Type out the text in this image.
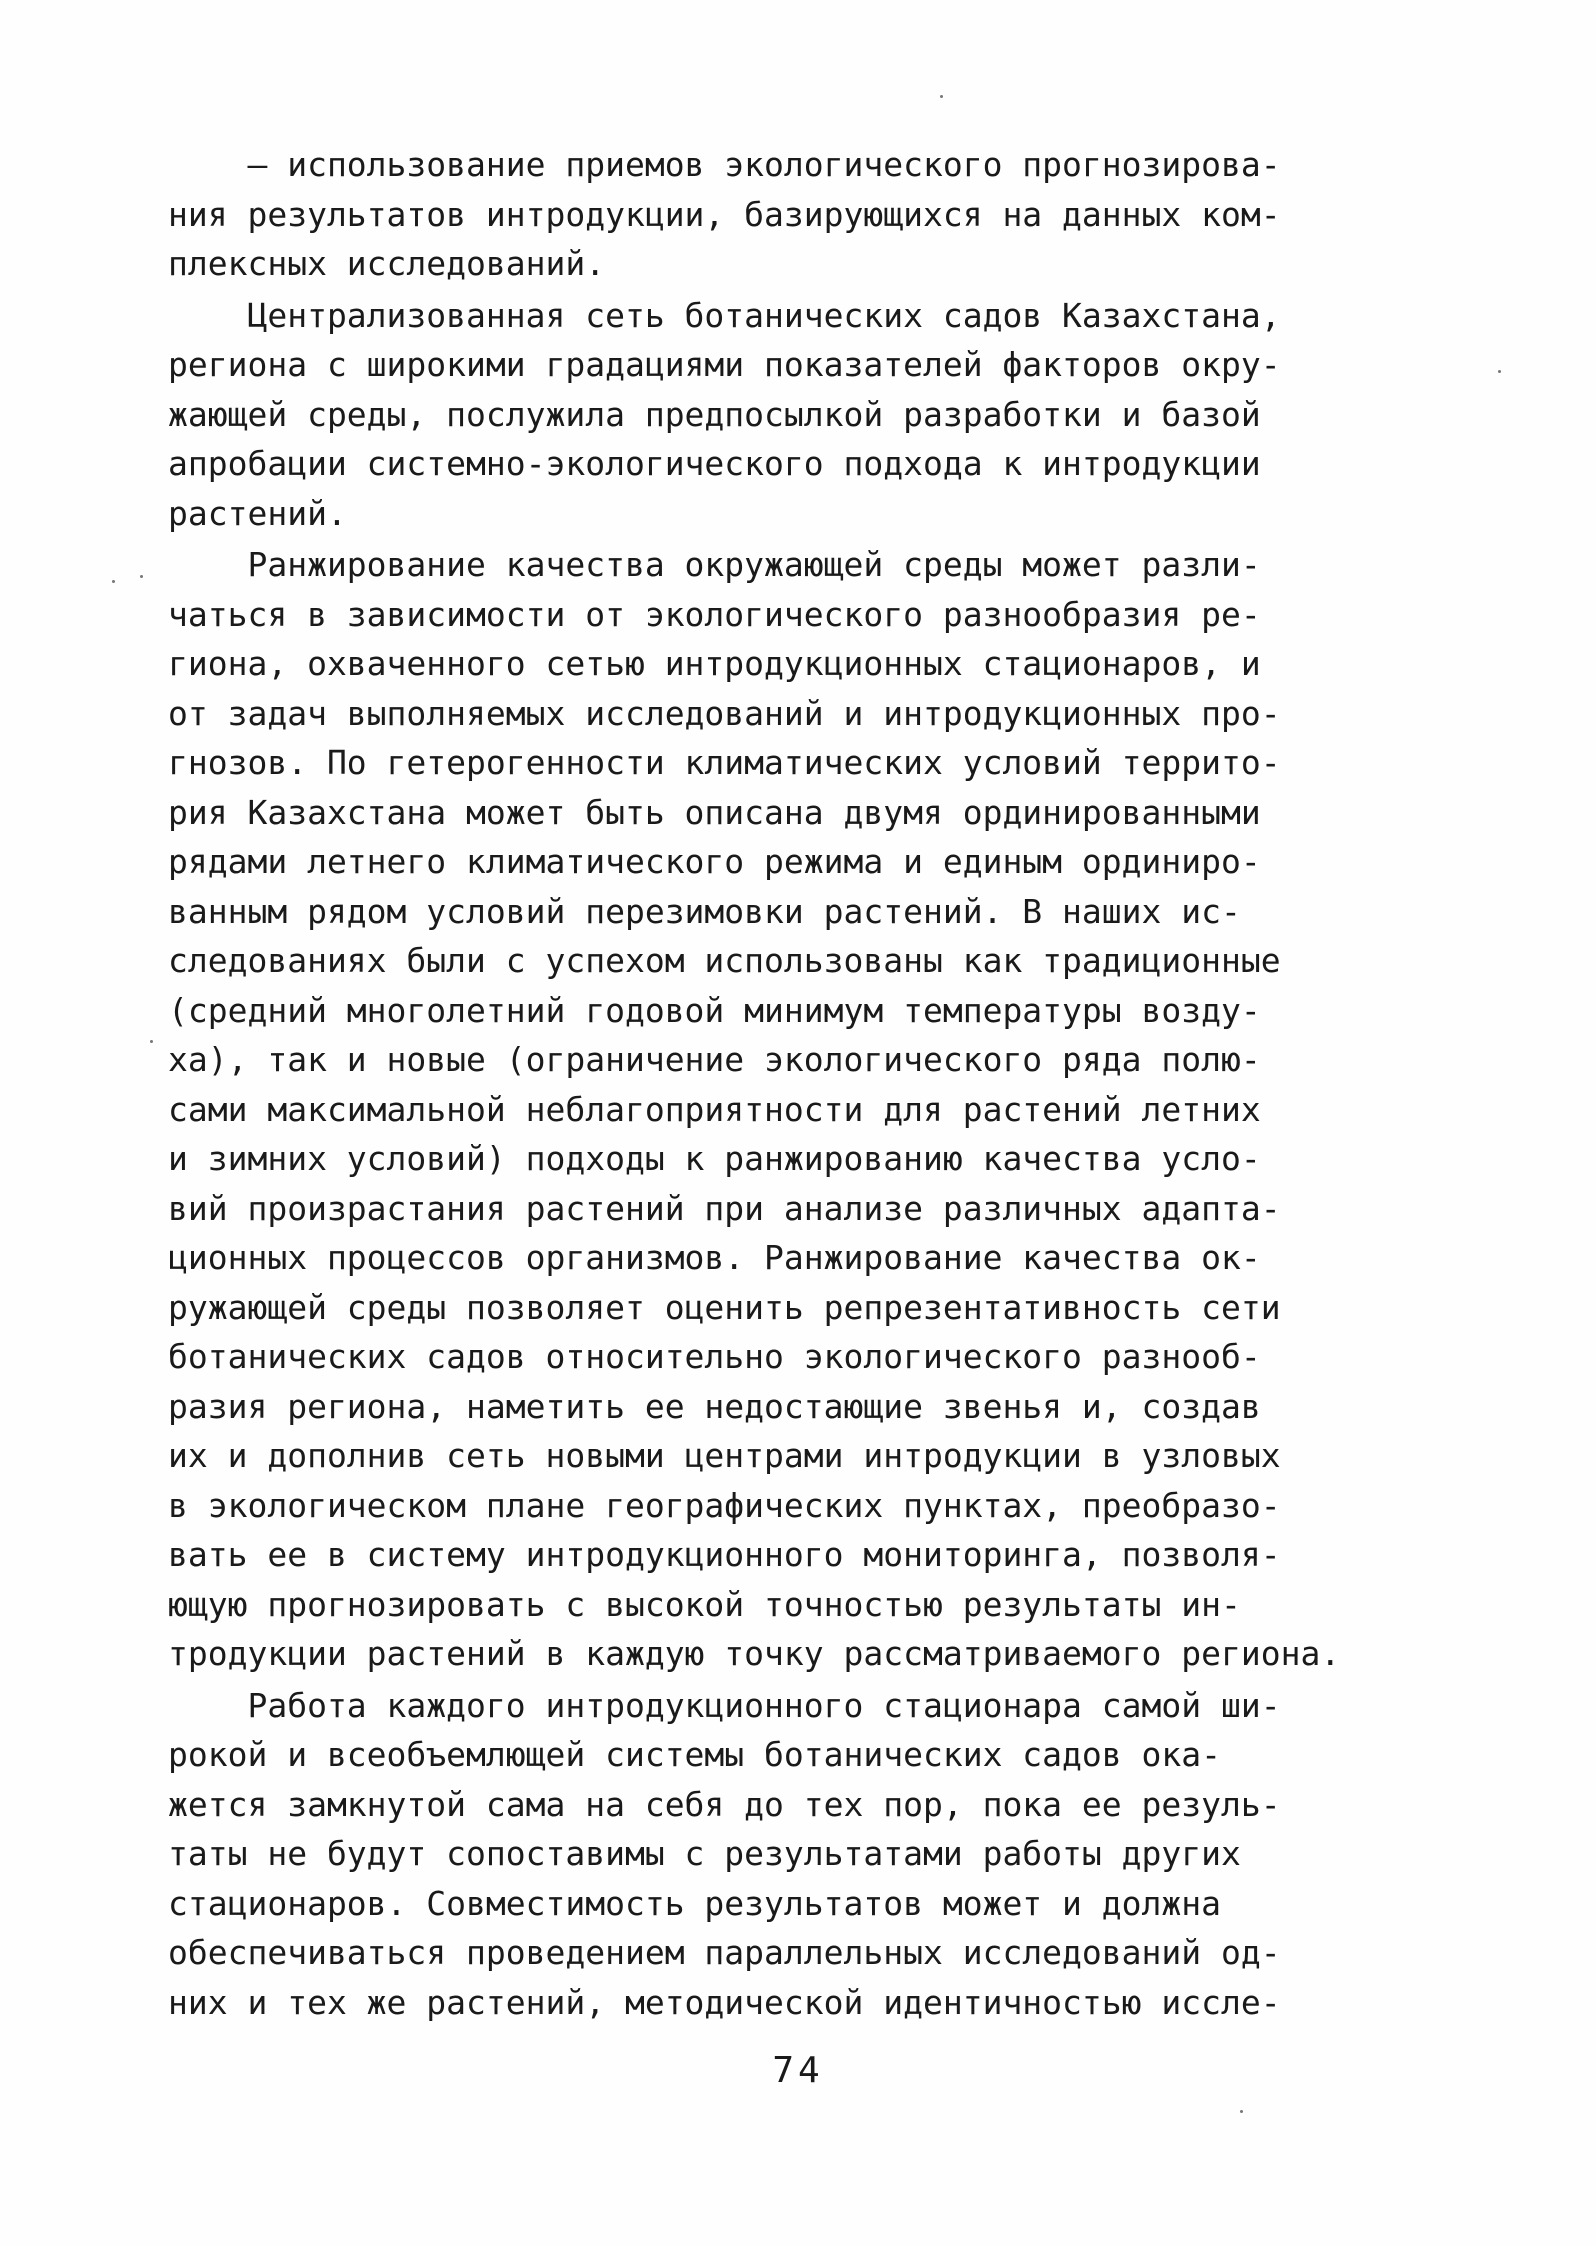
– использование приемов экологического прогнозирова-
ния результатов интродукции, базирующихся на данных ком-
плексных исследований.
Централизованная сеть ботанических садов Казахстана,
региона с широкими градациями показателей факторов окру-
жающей среды, послужила предпосылкой разработки и базой
апробации системно-экологического подхода к интродукции
растений.
Ранжирование качества окружающей среды может разли-
чаться в зависимости от экологического разнообразия ре-
гиона, охваченного сетью интродукционных стационаров, и
от задач выполняемых исследований и интродукционных про-
гнозов. По гетерогенности климатических условий террито-
рия Казахстана может быть описана двумя ординированными
рядами летнего климатического режима и единым ординиро-
ванным рядом условий перезимовки растений. В наших ис-
следованиях были с успехом использованы как традиционные
(средний многолетний годовой минимум температуры возду-
ха), так и новые (ограничение экологического ряда полю-
сами максимальной неблагоприятности для растений летних
и зимних условий) подходы к ранжированию качества усло-
вий произрастания растений при анализе различных адапта-
ционных процессов организмов. Ранжирование качества ок-
ружающей среды позволяет оценить репрезентативность сети
ботанических садов относительно экологического разнооб-
разия региона, наметить ее недостающие звенья и, создав
их и дополнив сеть новыми центрами интродукции в узловых
в экологическом плане географических пунктах, преобразо-
вать ее в систему интродукционного мониторинга, позволя-
ющую прогнозировать с высокой точностью результаты ин-
тродукции растений в каждую точку рассматриваемого региона.
Работа каждого интродукционного стационара самой ши-
рокой и всеобъемлющей системы ботанических садов ока-
жется замкнутой сама на себя до тех пор, пока ее резуль-
таты не будут сопоставимы с результатами работы других
стационаров. Совместимость результатов может и должна
обеспечиваться проведением параллельных исследований од-
них и тех же растений, методической идентичностью иссле-
74
